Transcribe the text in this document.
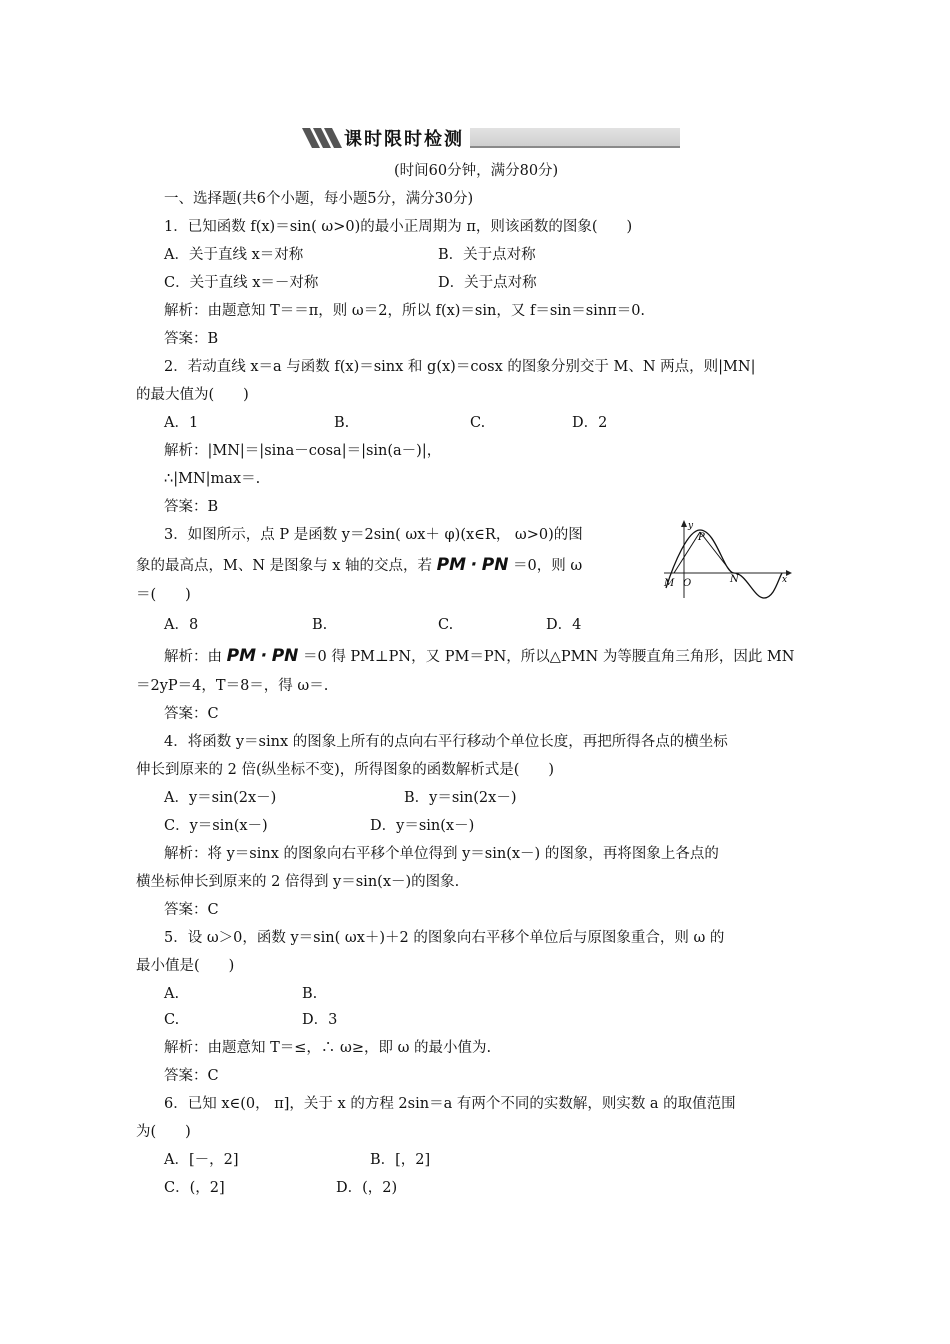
课时限时检测
(时间60分钟，满分80分)
一、选择题(共6个小题，每小题5分，满分30分)
1．已知函数 f(x)＝sin( ω>0)的最小正周期为 π，则该函数的图象(　　)
A．关于直线 x＝对称	B．关于点对称
C．关于直线 x＝－对称	D．关于点对称
解析：由题意知 T＝＝π，则 ω＝2，所以 f(x)＝sin，又 f＝sin＝sinπ＝0.
答案：B
2．若动直线 x＝a 与函数 f(x)＝sinx 和 g(x)＝cosx 的图象分别交于 M、N 两点，则|MN|
的最大值为(　　)
A．1	B.	C.	D．2
解析：|MN|＝|sina－cosa|＝|sin(a－)|，
∴|MN|max＝.
答案：B
3．如图所示，点 P 是函数 y＝2sin( ωx＋ φ)(x∈R， ω>0)的图
象的最高点，M、N 是图象与 x 轴的交点，若 PM · PN ＝0，则 ω
＝(　　)
y
P
M O	N	x
A．8	B.	C.	D．4
解析：由 PM · PN ＝0 得 PM⊥PN，又 PM＝PN，所以△PMN 为等腰直角三角形，因此 MN
＝2yP＝4，T＝8＝，得 ω＝.
答案：C
4．将函数 y＝sinx 的图象上所有的点向右平行移动个单位长度，再把所得各点的横坐标
伸长到原来的 2 倍(纵坐标不变)，所得图象的函数解析式是(　　)
A．y＝sin(2x－)	B．y＝sin(2x－)
C．y＝sin(x－)	D．y＝sin(x－)
解析：将 y＝sinx 的图象向右平移个单位得到 y＝sin(x－) 的图象，再将图象上各点的
横坐标伸长到原来的 2 倍得到 y＝sin(x－)的图象.
答案：C
5．设 ω＞0，函数 y＝sin( ωx＋)＋2 的图象向右平移个单位后与原图象重合，则 ω 的
最小值是(　　)
A.	B.
C.	D．3
解析：由题意知 T＝≤，∴ ω≥，即 ω 的最小值为.
答案：C
6．已知 x∈(0， π]，关于 x 的方程 2sin＝a 有两个不同的实数解，则实数 a 的取值范围
为(　　)
A．[－，2]	B．[，2]
C．(，2]	D．(，2)
